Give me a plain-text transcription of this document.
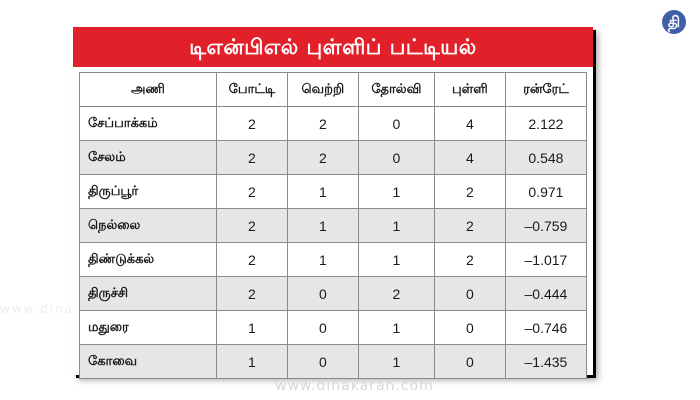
தி
டிஎன்பிஎல் புள்ளிப் பட்டியல்
அணி	போட்டி	வெற்றி	தோல்வி	புள்ளி	ரன்ரேட்
சேப்பாக்கம்	2	2	0	4	2.122
சேலம்	2	2	0	4	0.548
திருப்பூர்	2	1	1	2	0.971
நெல்லை	2	1	1	2	–0.759
திண்டுக்கல்	2	1	1	2	–1.017
திருச்சி	2	0	2	0	–0.444
மதுரை	1	0	1	0	–0.746
கோவை	1	0	1	0	–1.435
www.dinakaran.com
